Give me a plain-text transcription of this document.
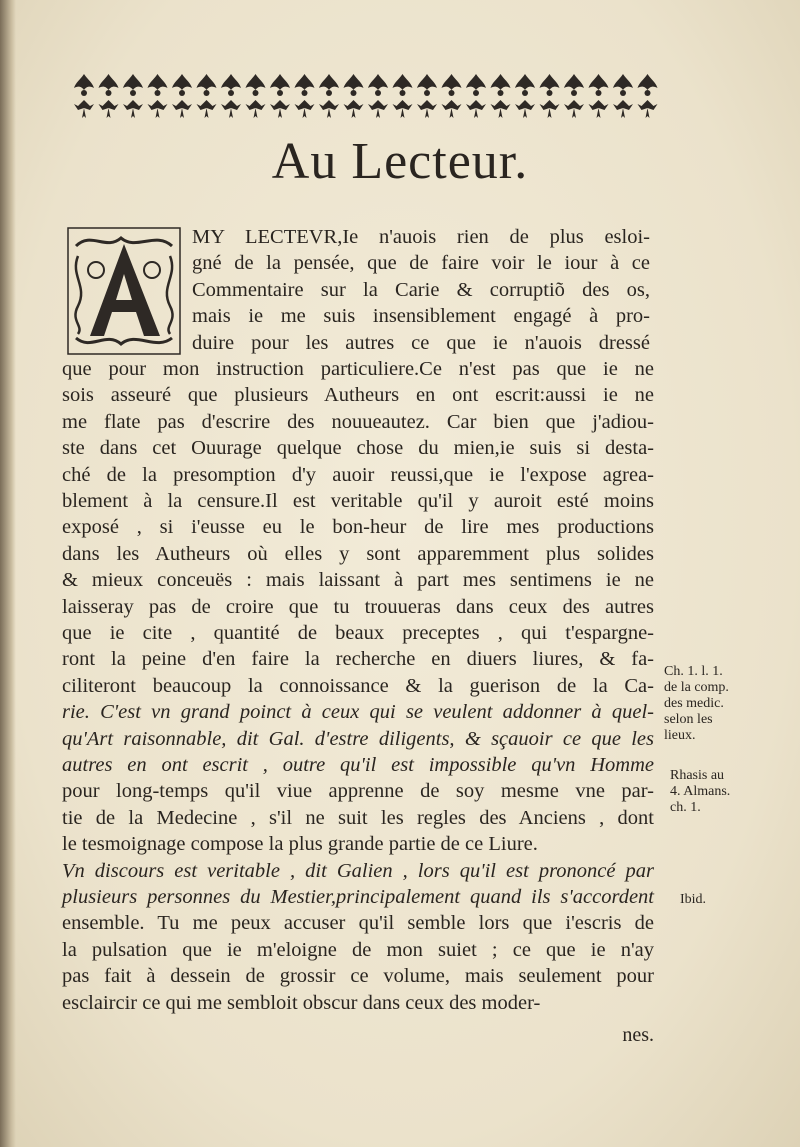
Au Lecteur.
MY LECTEVR,Ie n'auois rien de plus esloi-
gné de la pensée, que de faire voir le iour à ce
Commentaire sur la Carie & corruptiõ des os,
mais ie me suis insensiblement engagé à pro-
duire pour les autres ce que ie n'auois dressé
que pour mon instruction particuliere.Ce n'est pas que ie ne
sois asseuré que plusieurs Autheurs en ont escrit:aussi ie ne
me flate pas d'escrire des nouueautez. Car bien que j'adiou-
ste dans cet Ouurage quelque chose du mien,ie suis si desta-
ché de la presomption d'y auoir reussi,que ie l'expose agrea-
blement à la censure.Il est veritable qu'il y auroit esté moins
exposé , si i'eusse eu le bon-heur de lire mes productions
dans les Autheurs où elles y sont apparemment plus solides
& mieux conceuës : mais laissant à part mes sentimens ie ne
laisseray pas de croire que tu trouueras dans ceux des autres
que ie cite , quantité de beaux preceptes , qui t'espargne-
ront la peine d'en faire la recherche en diuers liures, & fa-
ciliteront beaucoup la connoissance & la guerison de la Ca-
rie. C'est vn grand poinct à ceux qui se veulent addonner à quel-
qu'Art raisonnable, dit Gal. d'estre diligents, & sçauoir ce que les
autres en ont escrit , outre qu'il est impossible qu'vn Homme
pour long-temps qu'il viue apprenne de soy mesme vne par-
tie de la Medecine , s'il ne suit les regles des Anciens , dont
le tesmoignage compose la plus grande partie de ce Liure.
Vn discours est veritable , dit Galien , lors qu'il est prononcé par
plusieurs personnes du Mestier,principalement quand ils s'accordent
ensemble. Tu me peux accuser qu'il semble lors que i'escris de
la pulsation que ie m'eloigne de mon suiet ; ce que ie n'ay
pas fait à dessein de grossir ce volume, mais seulement pour
esclaircir ce qui me sembloit obscur dans ceux des moder-
Ch. 1. l. 1.
de la comp.
des medic.
selon les
lieux.
Rhasis au
4. Almans.
ch. 1.
Ibid.
nes.
